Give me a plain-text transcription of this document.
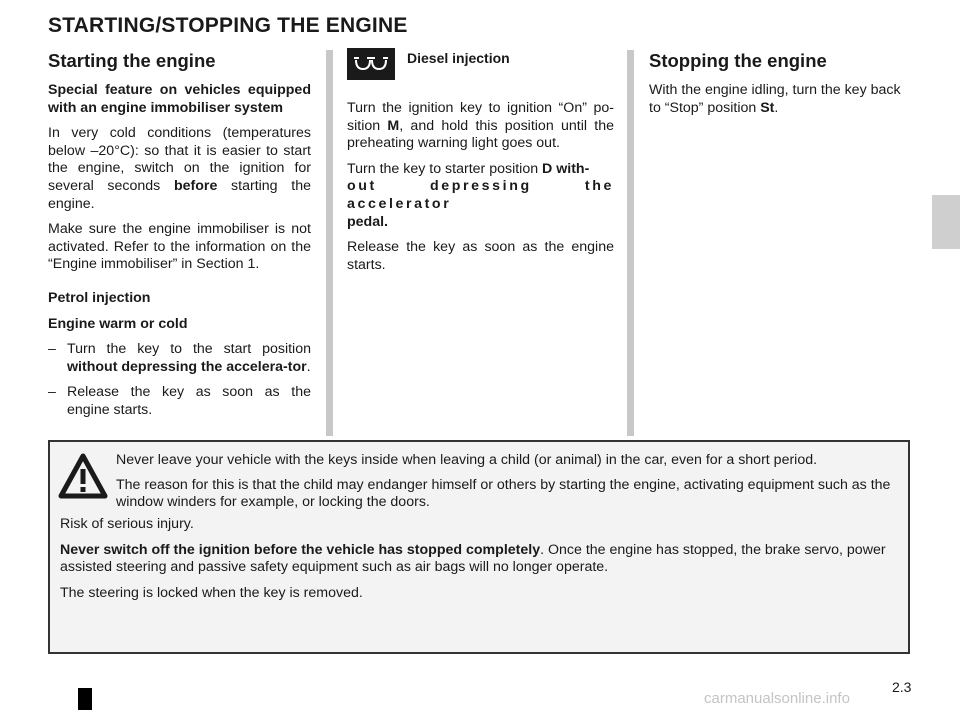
STARTING/STOPPING THE ENGINE
Starting the engine

Special feature on vehicles equipped with an engine immobiliser system

In very cold conditions (temperatures below –20°C): so that it is easier to start the engine, switch on the ignition for several seconds before starting the engine.

Make sure the engine immobiliser is not activated. Refer to the information on the “Engine immobiliser” in Section 1.

Petrol injection

Engine warm or cold

– Turn the key to the start position without depressing the accelera-tor.
– Release the key as soon as the engine starts.
Diesel injection

Turn the ignition key to ignition “On” po-sition M, and hold this position until the preheating warning light goes out.

Turn the key to starter position D with-
out depressing the accelerator
pedal.

Release the key as soon as the engine starts.

Stopping the engine

With the engine idling, turn the key back to “Stop” position St.

Never leave your vehicle with the keys inside when leaving a child (or animal) in the car, even for a short period.

The reason for this is that the child may endanger himself or others by starting the engine, activating equipment such as the window winders for example, or locking the doors.

Risk of serious injury.

Never switch off the ignition before the vehicle has stopped completely. Once the engine has stopped, the brake servo, power assisted steering and passive safety equipment such as air bags will no longer operate.

The steering is locked when the key is removed.

2.3
carmanualsonline.info
